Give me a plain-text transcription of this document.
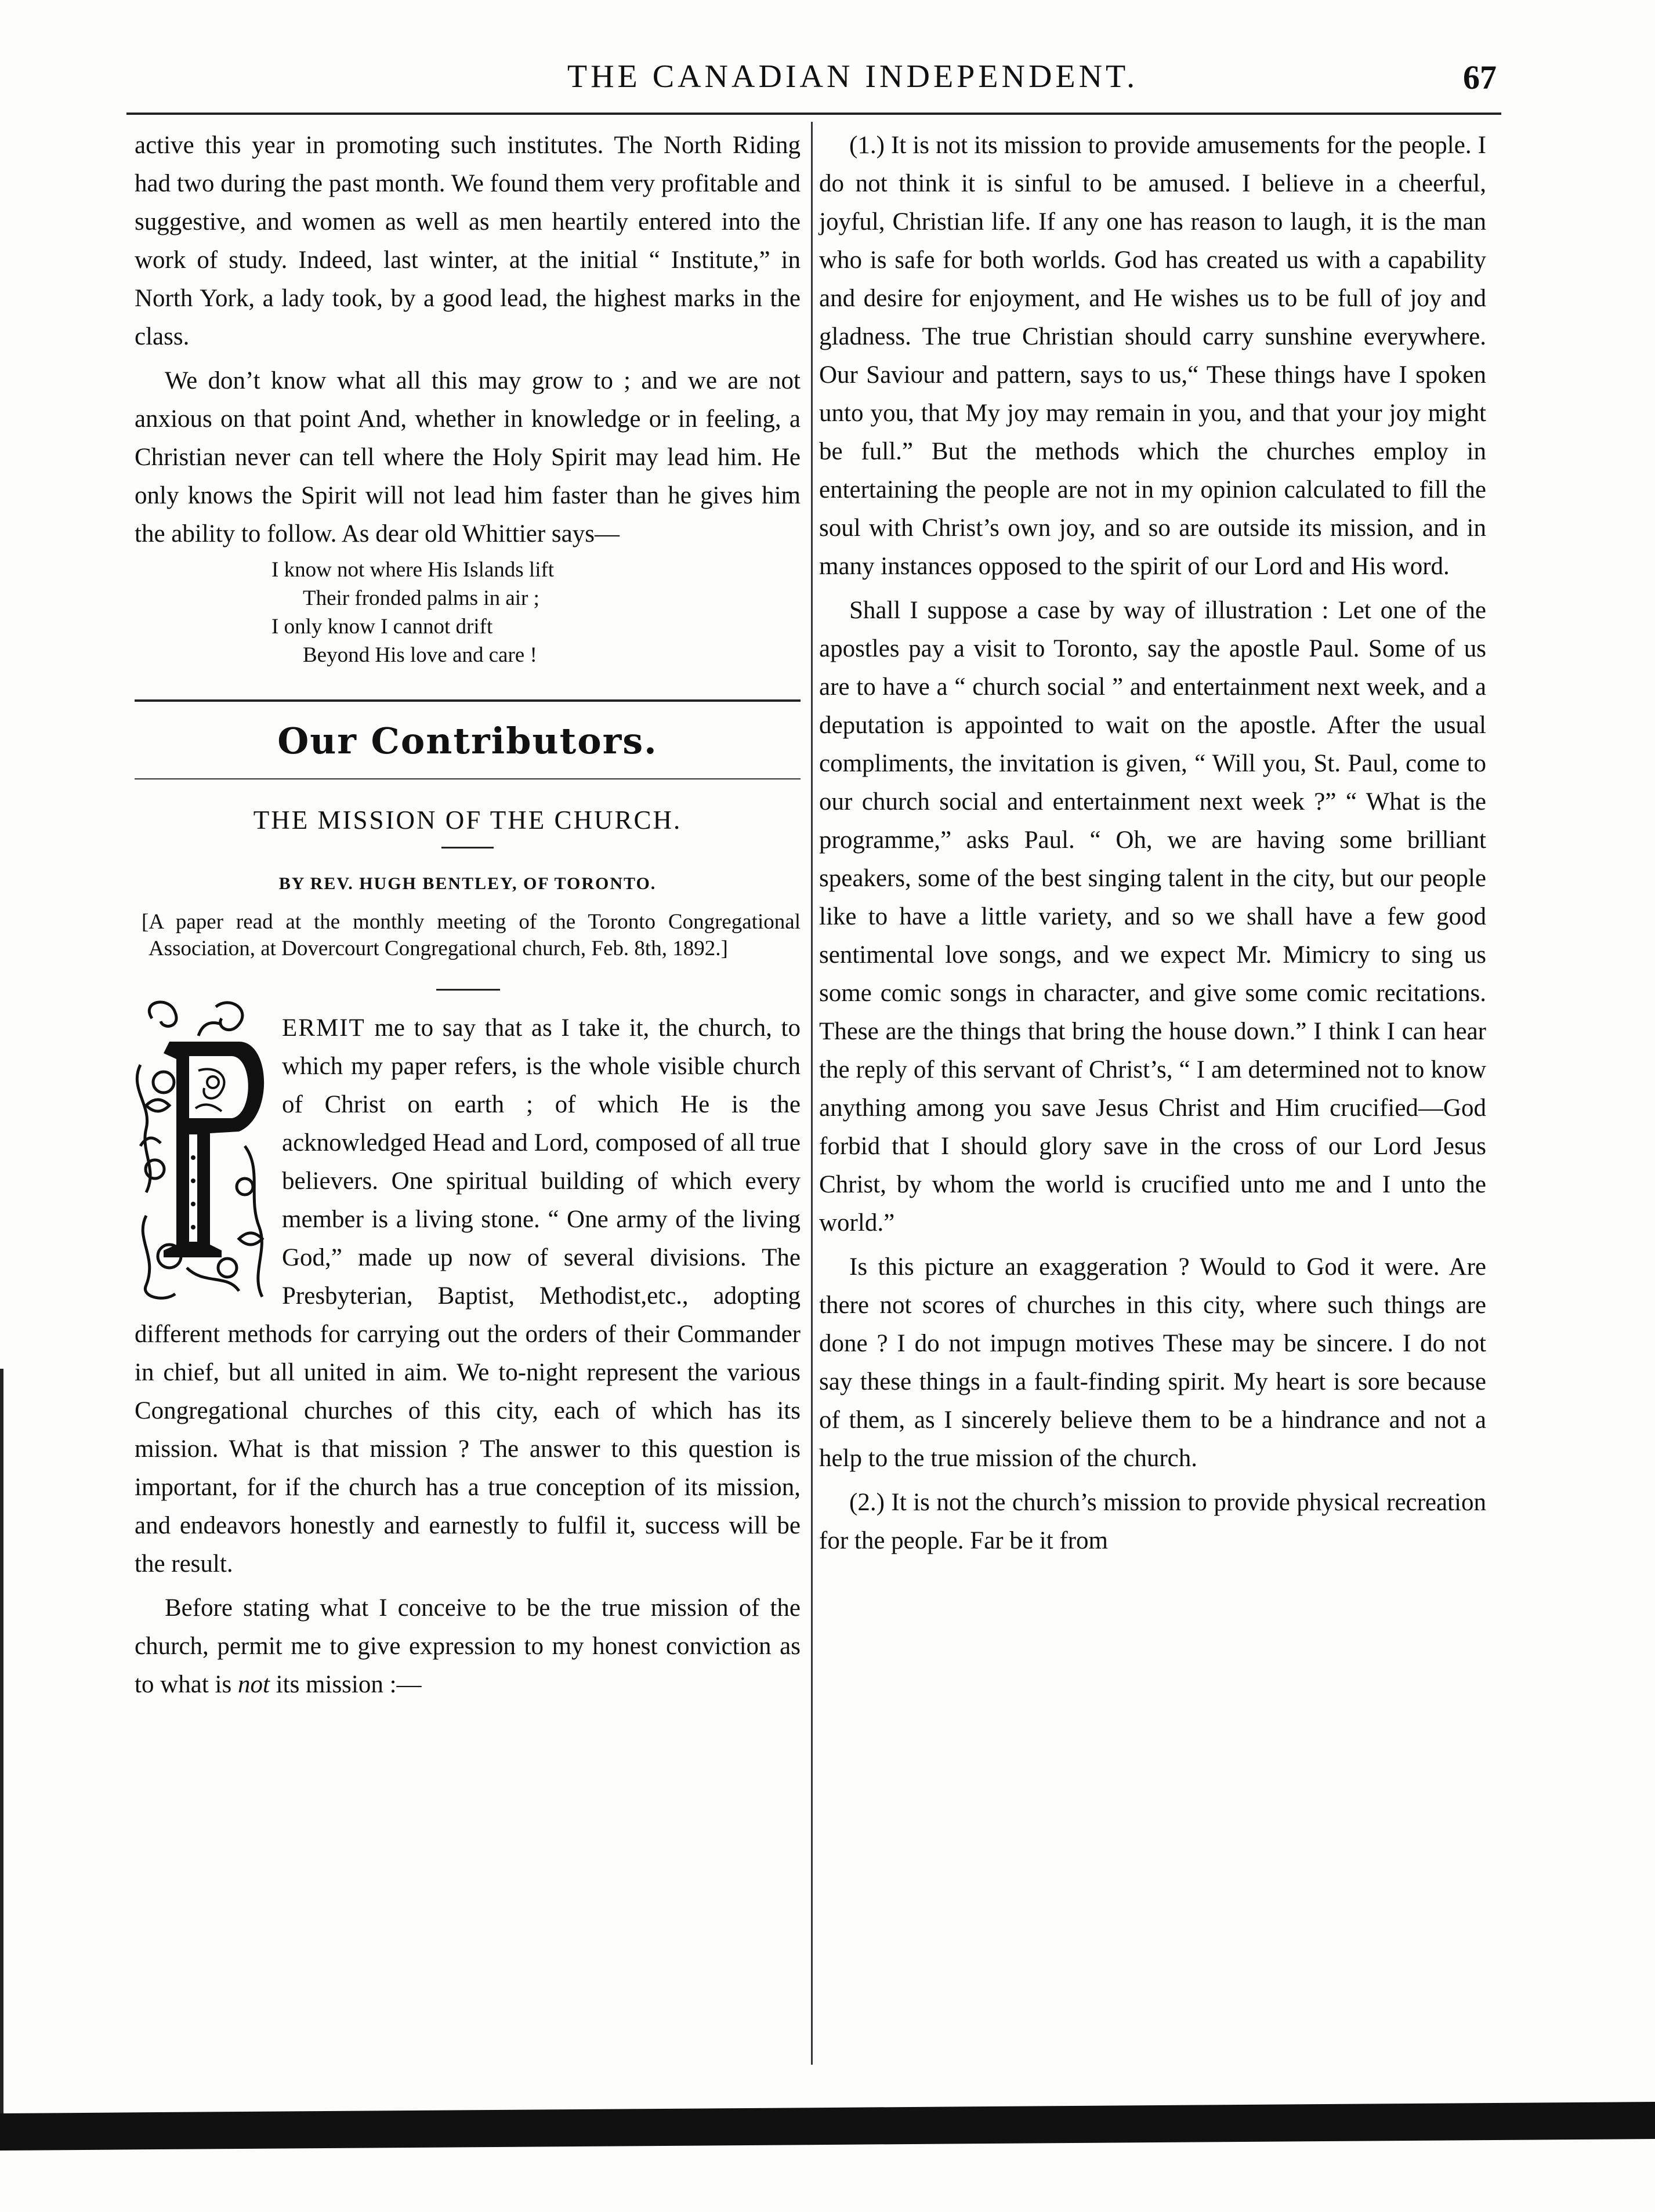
THE CANADIAN INDEPENDENT.	67

active this year in promoting such institutes. The North Riding had two during the past month. We found them very profitable and suggestive, and women as well as men heartily entered into the work of study. Indeed, last winter, at the initial “ Institute,” in North York, a lady took, by a good lead, the highest marks in the class.

We don’t know what all this may grow to ; and we are not anxious on that point And, whether in knowledge or in feeling, a Christian never can tell where the Holy Spirit may lead him. He only knows the Spirit will not lead him faster than he gives him the ability to follow. As dear old Whittier says—

I know not where His Islands lift
Their fronded palms in air ;
I only know I cannot drift
Beyond His love and care !
Our Contributors.
THE MISSION OF THE CHURCH.
BY REV. HUGH BENTLEY, OF TORONTO.
[A paper read at the monthly meeting of the Toronto Congregational Association, at Dovercourt Congregational church, Feb. 8th, 1892.]

ERMIT me to say that as I take it, the church, to which my paper refers, is the whole visible church of Christ on earth ; of which He is the acknowledged Head and Lord, composed of all true believers. One spiritual building of which every member is a living stone. “ One army of the living God,” made up now of several divisions. The Presbyterian, Baptist, Methodist,etc., adopting different methods for carrying out the orders of their Commander in chief, but all united in aim. We to-night represent the various Congregational churches of this city, each of which has its mission. What is that mission ? The answer to this question is important, for if the church has a true conception of its mission, and endeavors honestly and earnestly to fulfil it, success will be the result.

Before stating what I conceive to be the true mission of the church, permit me to give expression to my honest conviction as to what is not its mission :—

(1.) It is not its mission to provide amusements for the people. I do not think it is sinful to be amused. I believe in a cheerful, joyful, Christian life. If any one has reason to laugh, it is the man who is safe for both worlds. God has created us with a capability and desire for enjoyment, and He wishes us to be full of joy and gladness. The true Christian should carry sunshine everywhere. Our Saviour and pattern, says to us,“ These things have I spoken unto you, that My joy may remain in you, and that your joy might be full.” But the methods which the churches employ in entertaining the people are not in my opinion calculated to fill the soul with Christ’s own joy, and so are outside its mission, and in many instances opposed to the spirit of our Lord and His word.

Shall I suppose a case by way of illustration : Let one of the apostles pay a visit to Toronto, say the apostle Paul. Some of us are to have a “ church social ” and entertainment next week, and a deputation is appointed to wait on the apostle. After the usual compliments, the invitation is given, “ Will you, St. Paul, come to our church social and entertainment next week ?” “ What is the programme,” asks Paul. “ Oh, we are having some brilliant speakers, some of the best singing talent in the city, but our people like to have a little variety, and so we shall have a few good sentimental love songs, and we expect Mr. Mimicry to sing us some comic songs in character, and give some comic recitations. These are the things that bring the house down.” I think I can hear the reply of this servant of Christ’s, “ I am determined not to know anything among you save Jesus Christ and Him crucified—God forbid that I should glory save in the cross of our Lord Jesus Christ, by whom the world is crucified unto me and I unto the world.”

Is this picture an exaggeration ? Would to God it were. Are there not scores of churches in this city, where such things are done ? I do not impugn motives These may be sincere. I do not say these things in a fault-finding spirit. My heart is sore because of them, as I sincerely believe them to be a hindrance and not a help to the true mission of the church.

(2.) It is not the church’s mission to provide physical recreation for the people. Far be it from
